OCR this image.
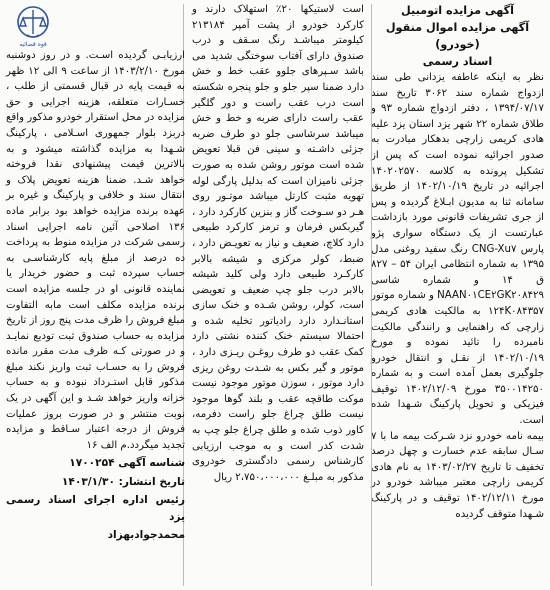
آگهی مزایده اتومبیل

آگهی مزایده اموال منقول (خودرو)

اسناد رسمی

نظر به اینکه عاطفه یزدانی طی سند ازدواج شماره سند ۳۰۶۲ تاریخ سند ۱۳۹۴/۰۷/۱۷ ، دفتر ازدواج شماره ۹۳ و طلاق شماره ۲۲ شهر یزد استان یزد علیه هادی کریمی زارچی بدهکار مبادرت به صدور اجرائیه نموده است که پس از تشکیل پرونده به کلاسه ۱۴۰۲۰۲۵۷۰ اجرائیه در تاریخ ۱۴۰۲/۱۰/۱۹ از طریق سامانه ثنا به مدیون ابـلاغ گردیده و پس از جری تشریفات قانونی مورد بازداشت عبارتست از یک دستگاه سواری پژو پارس CNG-Xu۷ رنگ سفید روغنی مدل ۱۳۹۵ به شماره انتظامی ایران ۵۴ – ۸۲۷ ق ۱۴ و شماره شاسی NAAN۰۱CE۲GK۲۰۸۴۲۹ و شماره موتور ۱۲۴K۰۸۴۳۵۷ به مالکیت هادی کریمی زارچی که راهنمایی و رانندگی مالکیت نامبرده را تائید نموده و مورخ ۱۴۰۲/۱۰/۱۹ از نقـل و انتقال خودرو جلوگیری بعمل آمده است و به شماره ۳۵۰۰۱۴۲۵۰ مورخ ۱۴۰۲/۱۲/۰۹ توقیف فیزیکی و تحویل پارکینگ شـهدا شده است.

بیمه نامه خودرو نزد شـرکت بیمه ما با ۷ سـال سابقه عدم خسارت و چهل درصد تخفیف تا تاریخ ۱۴۰۳/۰۲/۲۷ به نام هادی کریمی زارچی معتبر میباشد خودرو در مورخ ۱۴۰۲/۱۲/۱۱ توقیف و در پارکینگ شـهدا متوقف گردیده

است لاستیکها ۲۰٪ استهلاک دارند و کارکرد خودرو از پشت آمپر ۲۱۳۱۸۴ کیلومتر میباشـد رنگ سـقف و درب صندوق دارای آفتاب سوختگی شدید می باشد سـپرهای جلوو عقب خط و خش دارد ضمنا سپر جلو و جلو پنجره شکسته است درب عقب راست و دور گلگیر عقب راست دارای ضربه و خط و خش میباشد سرشاسی جلو دو طرف ضربه جزئی داشـته و سینی فن قبلا تعویض شده است موتور روشن شده به صورت جزئی نامیزان است که بدلیل پارگی لوله تهویه مثبت کارتل میباشد موتـور روی هـر دو سـوخت گاز و بنزین کارکرد دارد ، گیربکس فرمان و ترمز کارکرد طبیعی دارد کلاچ، ضعیف و نیاز به تعویـض دارد ، ضبط، کولر مرکزی و شیشه بالابر کارکـرد طبیعی دارد ولی کلید شیشه بالابر درب جلو چپ ضعیف و تعویضی است، کولر، روشن شـده و خنک سازی استانـدارد دارد رادیاتور تخلیه شده و احتمالا سیستم خنک کننده نشتی دارد کمک عقب دو طرف روغـن ریـزی دارد ، موتور و گیر بکس به شـدت روغن ریزی دارد موتور ، سوزن موتور موجود نیست موکت طاقچه عقب و بلند گوها موجود نیست طلق چراغ جلو راست دفرمه، کاور ذوب شده و طلق چراغ جلو چپ به شدت کدر است و به موجب ارزیابی کارشناس رسمی دادگستری خودروی مذکور به مبلـغ ۲،۷۵۰،۰۰۰،۰۰۰ ریال

قوه قضائیه

ارزیابـی گردیده اسـت. و در روز دوشنبه مورخ ۱۴۰۳/۲/۱۰ از ساعت ۹ الی ۱۲ ظهر به قیمت پایه در قبال قسمتی از طلب ، خسـارات متعلقه، هزینه اجرایی و حق مزایده در محل استقرار خودرو مذکور واقع دربزد بلوار جمهوری اسـلامی ، پارکینگ شـهدا به مزایده گذاشته میشود و به بالاترین قیمت پیشنهادی نقدا فروخته خواهد شـد. ضمنا هزینه تعویض پلاک و انتقال سند و خلافی و پارکینگ و غیره بر عهده برنده مزایده خواهد بود برابر ماده ۱۳۶ اصلاحی آئین نامه اجرایی اسناد رسمی شرکت در مزایده منوط به پرداخت ده درصد از مبلغ پایه کارشناسـی به حساب سپرده ثبت و حضور خریدار یا نماینده قانونی او در جلسه مزایده است برنده مزایده مکلف است مابه التفاوت مبلغ فروش را ظرف مدت پنج روز از تاریخ مزایده به حساب صندوق ثبت تودیع نمایـد و در صورتی کـه ظرف مدت مقرر مانده فروش را به حسـاب ثبت واریز نکند مبلغ مذکور قابل استـرداد نبوده و به حساب خزانه واریز خواهد شـد و این آگهی در یک نوبت منتشر و در صورت بروز عملیات فروش از درجه اعتبار سـاقط و مزایده تجدید میگردد.م الف ۱۶

شناسه آگهی ۱۷۰۰۲۵۴

تاریخ انتشار: ۱۴۰۳/۱/۳۰

رئیس اداره اجرای اسناد رسمی یزد

محمدجوادبهزاد
